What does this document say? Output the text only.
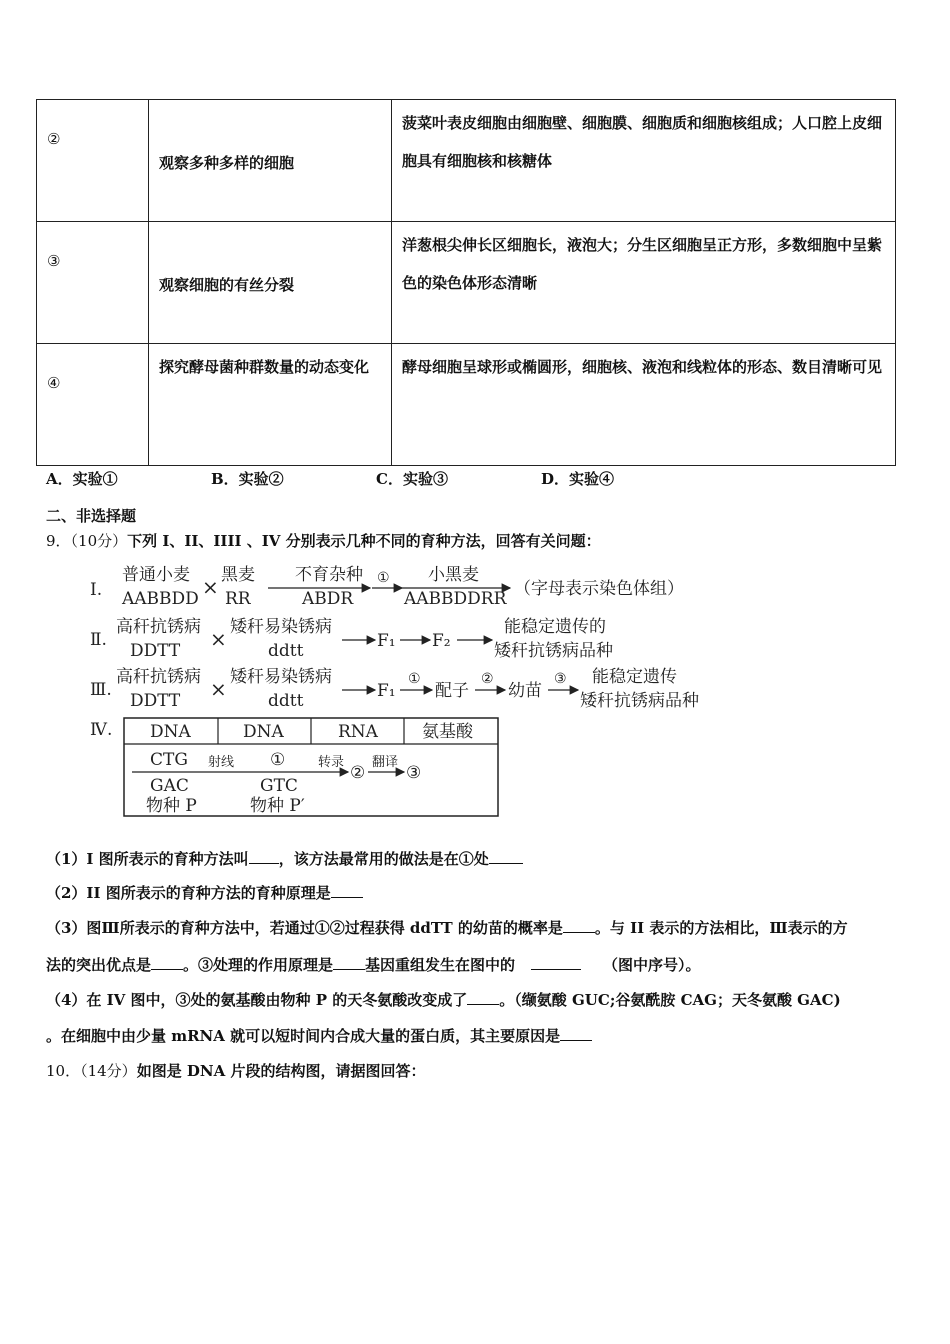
②	观察多种多样的细胞	菠菜叶表皮细胞由细胞壁、细胞膜、细胞质和细胞核组成；人口腔上皮细胞具有细胞核和核糖体

③	观察细胞的有丝分裂	洋葱根尖伸长区细胞长，液泡大；分生区细胞呈正方形，多数细胞中呈紫色的染色体形态清晰

④	探究酵母菌种群数量的动态变化	酵母细胞呈球形或椭圆形，细胞核、液泡和线粒体的形态、数目清晰可见
A．实验①	B．实验②	C．实验③	D．实验④
二、非选择题
9．（10分）下列 I、II、IIII 、IV 分别表示几种不同的育种方法，回答有关问题：
Ⅰ.
普通小麦
AABBDD × 黑麦
RR
不育杂种
ABDR
① 小黑麦
AABBDDRR （字母表示染色体组）
Ⅱ.
高秆抗锈病
DDTT × 矮秆易染锈病
ddtt	F₁ F₂
能稳定遗传的
矮秆抗锈病品种
Ⅲ.
高秆抗锈病
DDTT × 矮秆易染锈病
ddtt	F₁
①
配子
②
幼苗
③ 能稳定遗传
矮秆抗锈病品种
Ⅳ. DNA	DNA	RNA	氨基酸
CTG
GAC
物种 P
射线 ①
GTC
物种 P′
转录
②
翻译
③
（1）I 图所表示的育种方法叫 ，该方法最常用的做法是在①处
（2）II 图所表示的育种方法的育种原理是
（3）图Ⅲ所表示的育种方法中，若通过①②过程获得 ddTT 的幼苗的概率是 。与 II 表示的方法相比，Ⅲ表示的方
法的突出优点是 。③处理的作用原理是 基因重组发生在图中的	（图中序号）。
（4）在 IV 图中，③处的氨基酸由物种 P 的天冬氨酸改变成了 。（缬氨酸 GUC;谷氨酰胺 CAG；天冬氨酸 GAC)
。在细胞中由少量 mRNA 就可以短时间内合成大量的蛋白质，其主要原因是
10．（14分）如图是 DNA 片段的结构图，请据图回答：
